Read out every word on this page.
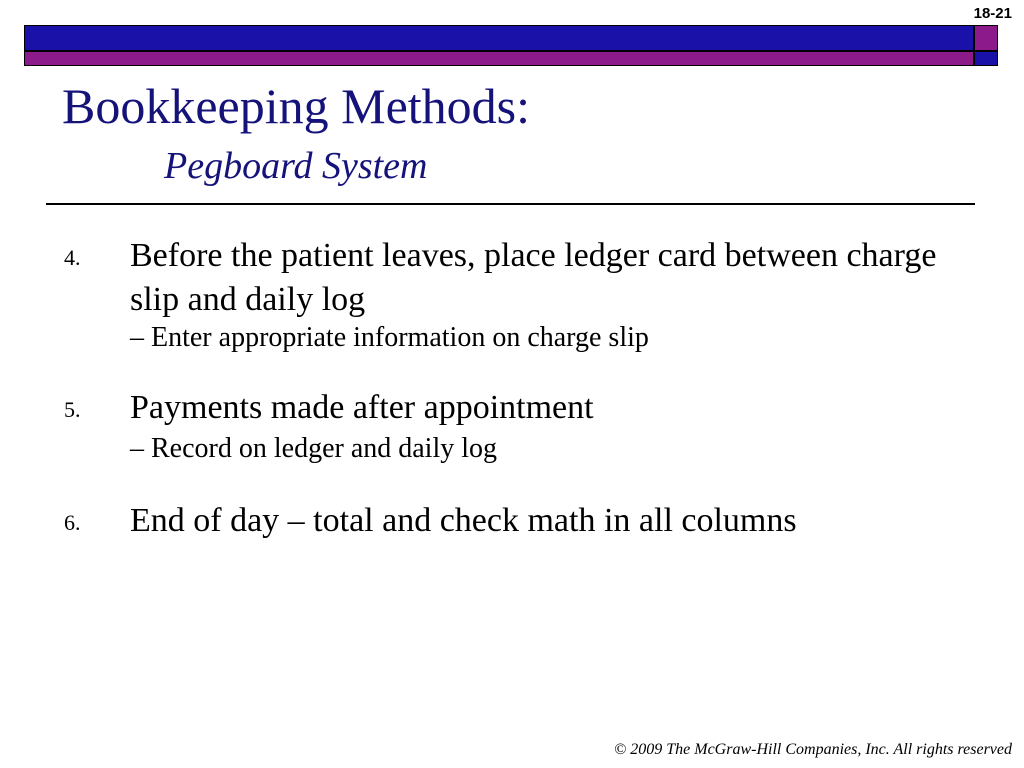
18-21
Bookkeeping Methods:
Pegboard System
4. Before the patient leaves, place ledger card between charge slip and daily log
– Enter appropriate information on charge slip
5. Payments made after appointment
– Record on ledger and daily log
6. End of day – total and check math in all columns
© 2009 The McGraw-Hill Companies, Inc. All rights reserved
